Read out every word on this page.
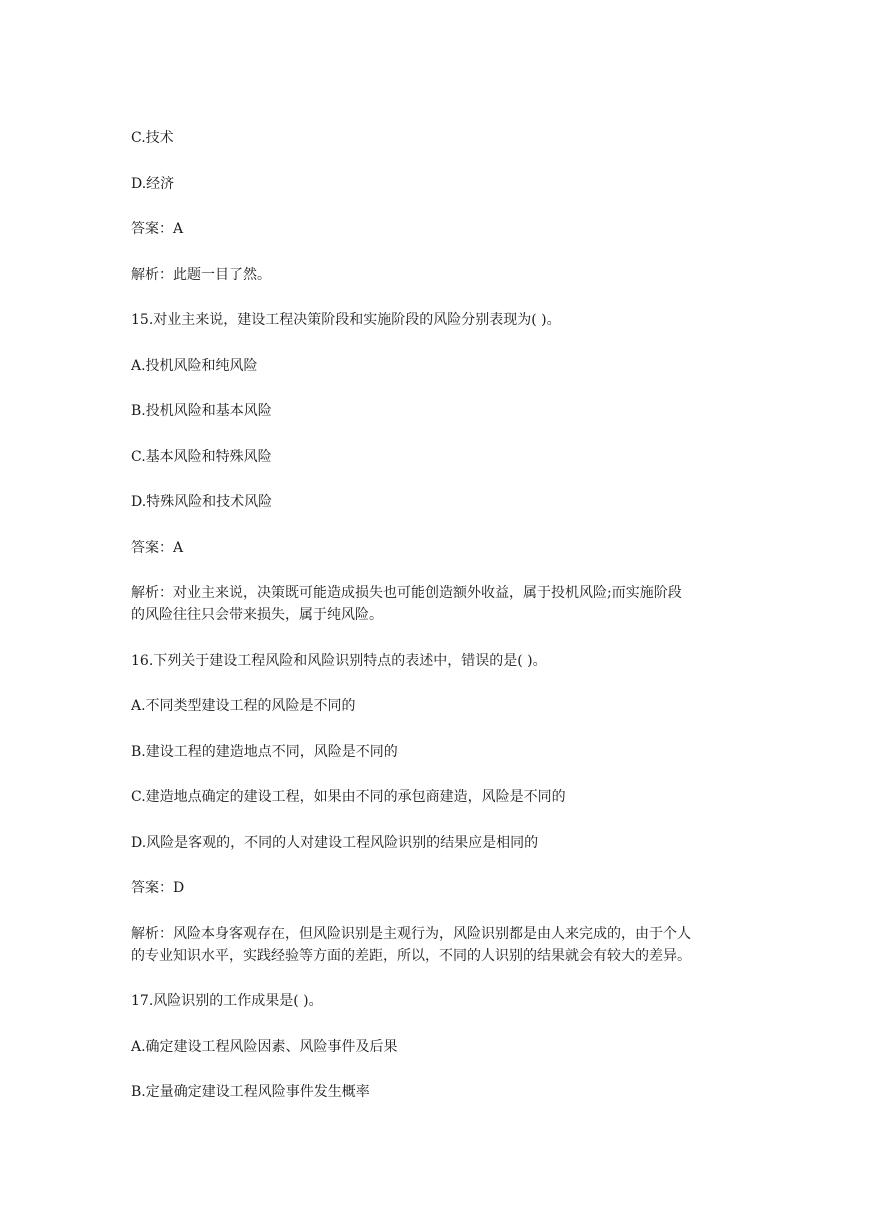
C.技术

D.经济

答案：A

解析：此题一目了然。

15.对业主来说，建设工程决策阶段和实施阶段的风险分别表现为( )。

A.投机风险和纯风险

B.投机风险和基本风险

C.基本风险和特殊风险

D.特殊风险和技术风险

答案：A

解析：对业主来说，决策既可能造成损失也可能创造额外收益，属于投机风险;而实施阶段

的风险往往只会带来损失，属于纯风险。

16.下列关于建设工程风险和风险识别特点的表述中，错误的是( )。

A.不同类型建设工程的风险是不同的

B.建设工程的建造地点不同，风险是不同的

C.建造地点确定的建设工程，如果由不同的承包商建造，风险是不同的

D.风险是客观的，不同的人对建设工程风险识别的结果应是相同的

答案：D

解析：风险本身客观存在，但风险识别是主观行为，风险识别都是由人来完成的，由于个人

的专业知识水平，实践经验等方面的差距，所以，不同的人识别的结果就会有较大的差异。

17.风险识别的工作成果是( )。

A.确定建设工程风险因素、风险事件及后果

B.定量确定建设工程风险事件发生概率
